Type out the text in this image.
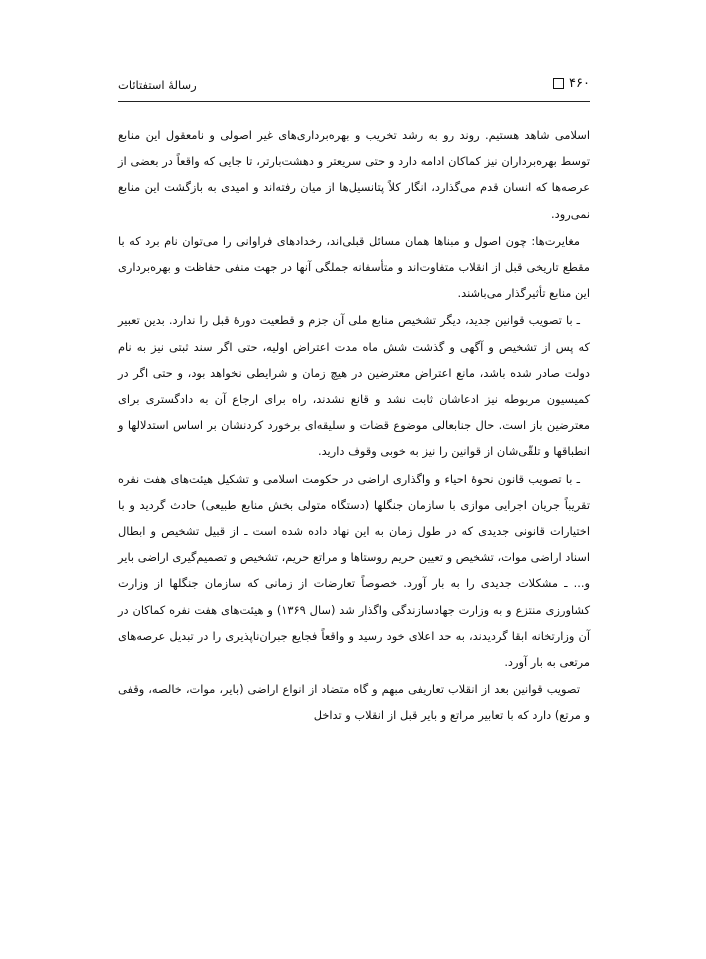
۴۶۰
رسالهٔ استفتائات

اسلامی شاهد هستیم. روند رو به رشد تخریب و بهره‌برداری‌های غیر اصولی و نامعقول این منابع توسط بهره‌برداران نیز کماکان ادامه دارد و حتی سریعتر و دهشت‌بارتر، تا جایی که واقعاً در بعضی از عرصه‌ها که انسان قدم می‌گذارد، انگار کلاً پتانسیل‌ها از میان رفته‌اند و امیدی به بازگشت این منابع نمی‌رود.

مغایرت‌ها: چون اصول و مبناها همان مسائل قبلی‌اند، رخدادهای فراوانی را می‌توان نام برد که با مقطع تاریخی قبل از انقلاب متفاوت‌اند و متأسفانه جملگی آنها در جهت منفی حفاظت و بهره‌برداری این منابع تأثیرگذار می‌باشند.

ـ با تصویب قوانین جدید، دیگر تشخیص منابع ملی آن جزم و قطعیت دورهٔ قبل را ندارد. بدین تعبیر که پس از تشخیص و آگهی و گذشت شش ماه مدت اعتراض اولیه، حتی اگر سند ثبتی نیز به نام دولت صادر شده باشد، مانع اعتراض معترضین در هیچ زمان و شرایطی نخواهد بود، و حتی اگر در کمیسیون مربوطه نیز ادعاشان ثابت نشد و قانع نشدند، راه برای ارجاع آن به دادگستری برای معترضین باز است. حال جنابعالی موضوع قضات و سلیقه‌ای برخورد کردنشان بر اساس استدلالها و انطباقها و تلقّی‌شان از قوانین را نیز به خوبی وقوف دارید.

ـ با تصویب قانون نحوهٔ احیاء و واگذاری اراضی در حکومت اسلامی و تشکیل هیئت‌های هفت نفره تقریباً جریان اجرایی موازی با سازمان جنگلها (دستگاه متولی بخش منابع طبیعی) حادث گردید و با اختیارات قانونی جدیدی که در طول زمان به این نهاد داده شده است ـ از قبیل تشخیص و ابطال اسناد اراضی موات، تشخیص و تعیین حریم روستاها و مراتع حریم، تشخیص و تصمیم‌گیری اراضی بایر و... ـ مشکلات جدیدی را به بار آورد. خصوصاً تعارضات از زمانی که سازمان جنگلها از وزارت کشاورزی منتزع و به وزارت جهادسازندگی واگذار شد (سال ۱۳۶۹) و هیئت‌های هفت نفره کماکان در آن وزارتخانه ابقا گردیدند، به حد اعلای خود رسید و واقعاً فجایع جبران‌ناپذیری را در تبدیل عرصه‌های مرتعی به بار آورد.

تصویب قوانین بعد از انقلاب تعاریفی مبهم و گاه متضاد از انواع اراضی (بایر، موات، خالصه، وقفی و مرتع) دارد که با تعابیر مراتع و بایر قبل از انقلاب و تداخل
